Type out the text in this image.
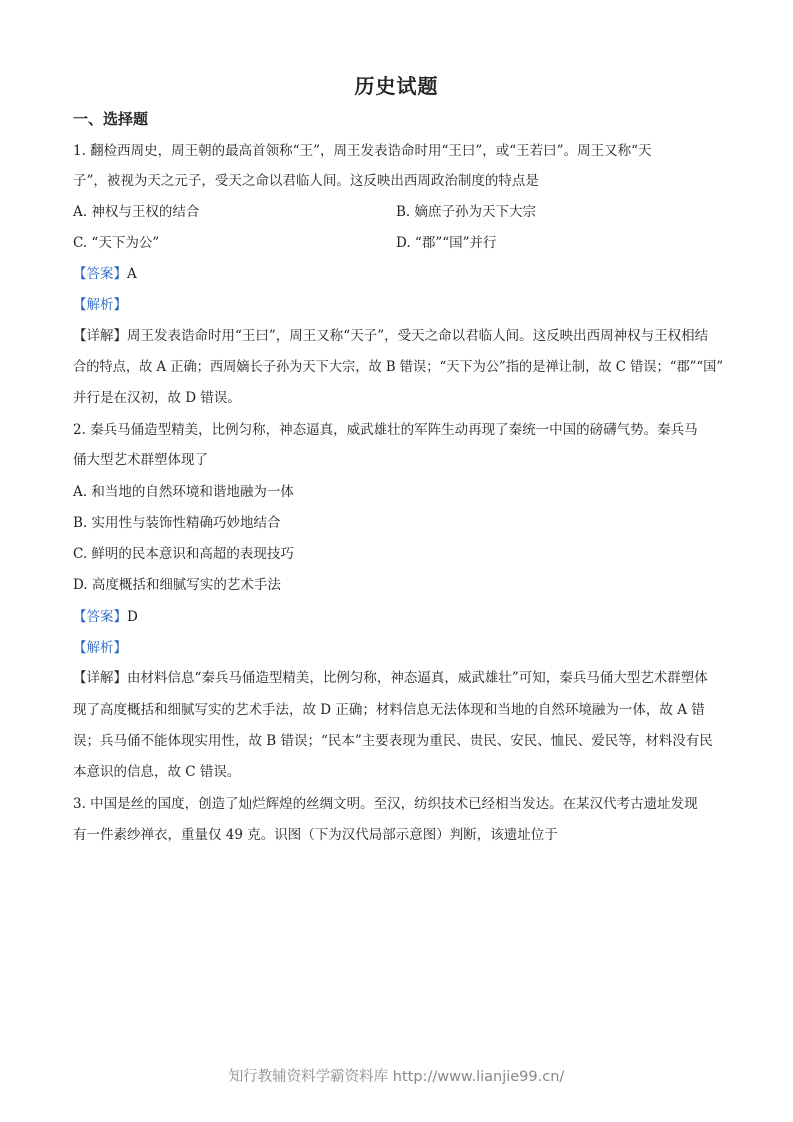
历史试题
一、选择题
1. 翻检西周史，周王朝的最高首领称“王”，周王发表诰命时用“王曰”，或“王若曰”。周王又称“天
子”，被视为天之元子，受天之命以君临人间。这反映出西周政治制度的特点是
A. 神权与王权的结合	B. 嫡庶子孙为天下大宗
C. “天下为公”	D. “郡”“国”并行
【答案】A
【解析】
【详解】周王发表诰命时用“王曰”，周王又称“天子”，受天之命以君临人间。这反映出西周神权与王权相结
合的特点，故 A 正确；西周嫡长子孙为天下大宗，故 B 错误；“天下为公”指的是禅让制，故 C 错误；“郡”“国”
并行是在汉初，故 D 错误。
2. 秦兵马俑造型精美，比例匀称，神态逼真，威武雄壮的军阵生动再现了秦统一中国的磅礴气势。秦兵马
俑大型艺术群塑体现了
A. 和当地的自然环境和谐地融为一体
B. 实用性与装饰性精确巧妙地结合
C. 鲜明的民本意识和高超的表现技巧
D. 高度概括和细腻写实的艺术手法
【答案】D
【解析】
【详解】由材料信息“秦兵马俑造型精美，比例匀称，神态逼真，威武雄壮”可知，秦兵马俑大型艺术群塑体
现了高度概括和细腻写实的艺术手法，故 D 正确；材料信息无法体现和当地的自然环境融为一体，故 A 错
误；兵马俑不能体现实用性，故 B 错误；“民本”主要表现为重民、贵民、安民、恤民、爱民等，材料没有民
本意识的信息，故 C 错误。
3. 中国是丝的国度，创造了灿烂辉煌的丝绸文明。至汉，纺织技术已经相当发达。在某汉代考古遗址发现
有一件素纱禅衣，重量仅 49 克。识图（下为汉代局部示意图）判断，该遗址位于
知行教辅资料学霸资料库 http://www.lianjie99.cn/
